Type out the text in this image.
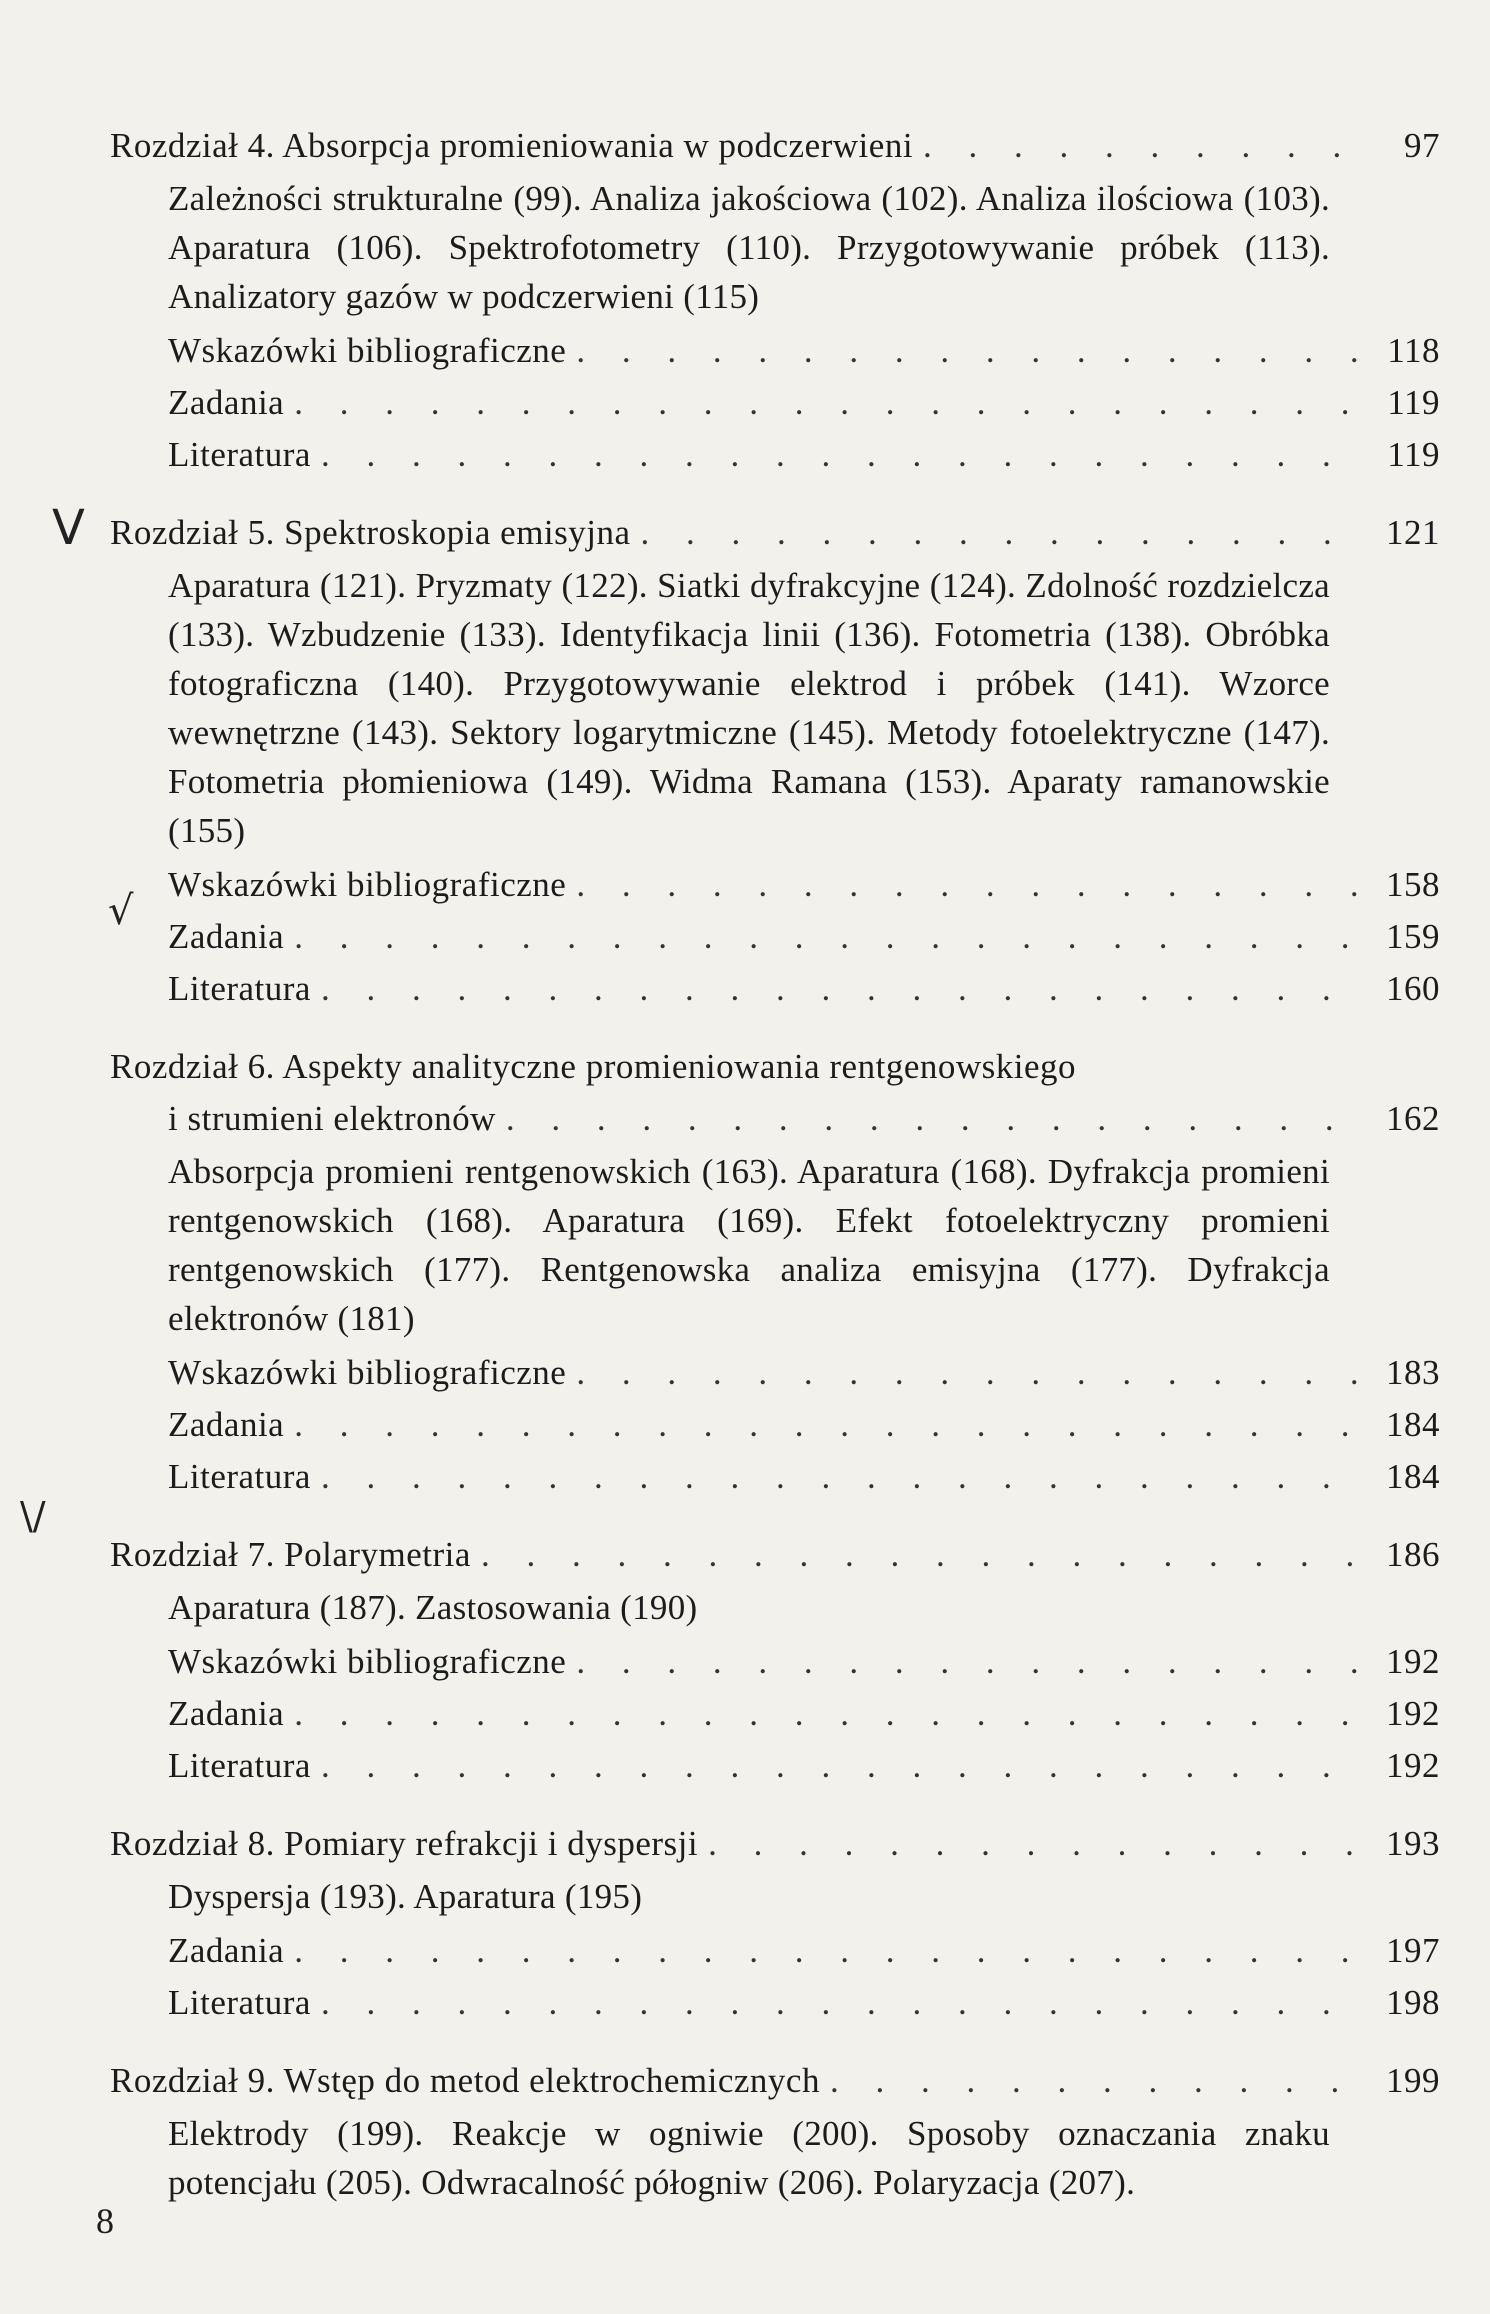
V
√
\/
Rozdział 4. Absorpcja promieniowania w podczerwieni . . .	97
Zależności strukturalne (99). Analiza jakościowa (102). Analiza ilościowa (103). Aparatura (106). Spektrofotometry (110). Przygotowywanie próbek (113). Analizatory gazów w podczerwieni (115)
Wskazówki bibliograficzne . . .	118
Zadania . . .	119
Literatura . . .	119
Rozdział 5. Spektroskopia emisyjna . . .	121
Aparatura (121). Pryzmaty (122). Siatki dyfrakcyjne (124). Zdolność rozdzielcza (133). Wzbudzenie (133). Identyfikacja linii (136). Fotometria (138). Obróbka fotograficzna (140). Przygotowywanie elektrod i próbek (141). Wzorce wewnętrzne (143). Sektory logarytmiczne (145). Metody fotoelektryczne (147). Fotometria płomieniowa (149). Widma Ramana (153). Aparaty ramanowskie (155)
Wskazówki bibliograficzne . . .	158
Zadania . . .	159
Literatura . . .	160
Rozdział 6. Aspekty analityczne promieniowania rentgenowskiego
i strumieni elektronów . . .	162
Absorpcja promieni rentgenowskich (163). Aparatura (168). Dyfrakcja promieni rentgenowskich (168). Aparatura (169). Efekt fotoelektryczny promieni rentgenowskich (177). Rentgenowska analiza emisyjna (177). Dyfrakcja elektronów (181)
Wskazówki bibliograficzne . . .	183
Zadania . . .	184
Literatura . . .	184
Rozdział 7. Polarymetria . . .	186
Aparatura (187). Zastosowania (190)
Wskazówki bibliograficzne . . .	192
Zadania . . .	192
Literatura . . .	192
Rozdział 8. Pomiary refrakcji i dyspersji . . .	193
Dyspersja (193). Aparatura (195)
Zadania . . .	197
Literatura . . .	198
Rozdział 9. Wstęp do metod elektrochemicznych . . .	199
Elektrody (199). Reakcje w ogniwie (200). Sposoby oznaczania znaku potencjału (205). Odwracalność półogniw (206). Polaryzacja (207).
8
